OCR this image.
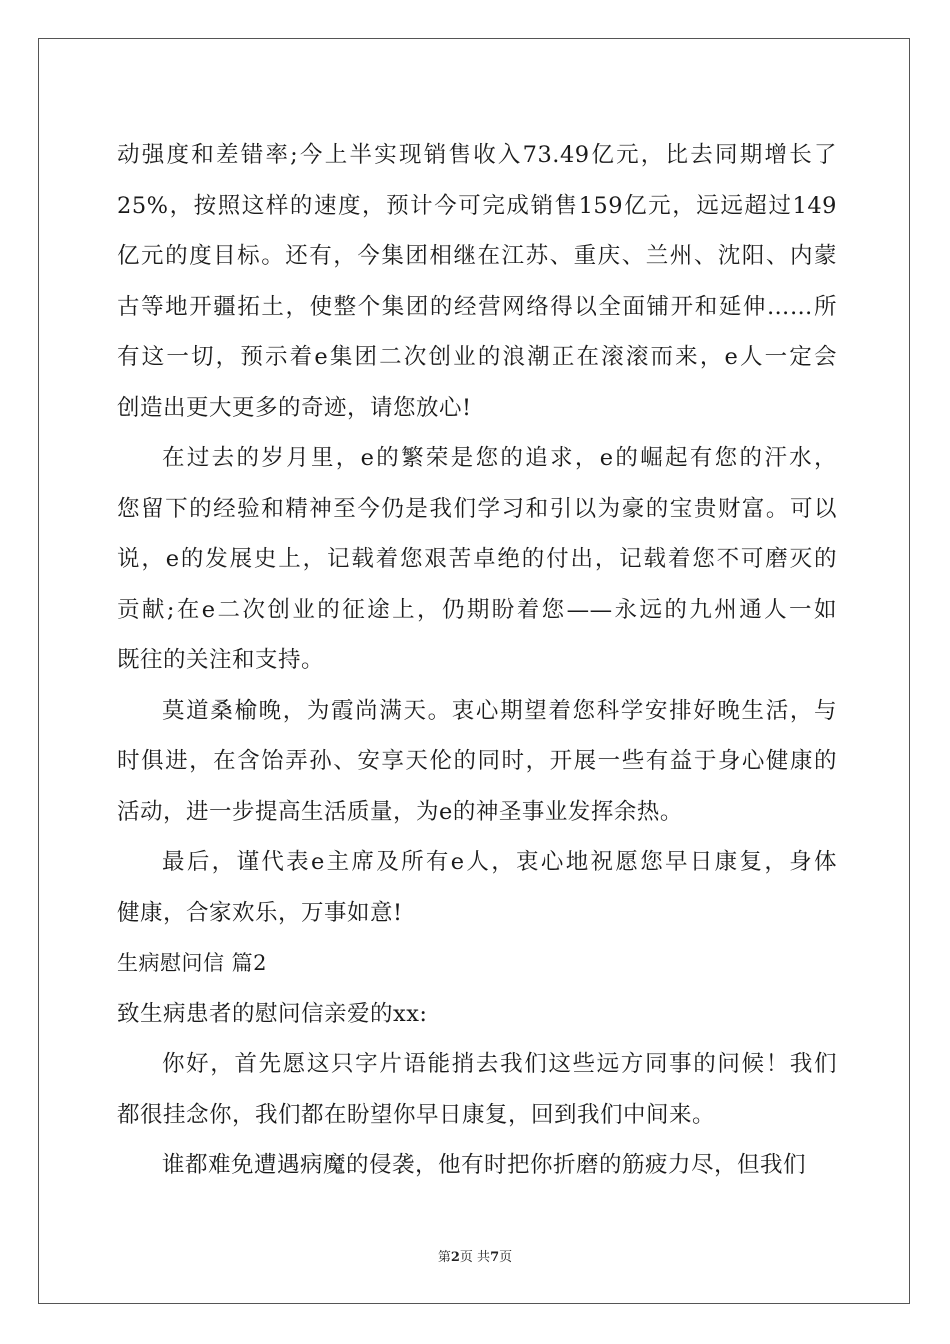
动强度和差错率;今上半实现销售收入73.49亿元，比去同期增长了
25%，按照这样的速度，预计今可完成销售159亿元，远远超过149
亿元的度目标。还有，今集团相继在江苏、重庆、兰州、沈阳、内蒙
古等地开疆拓土，使整个集团的经营网络得以全面铺开和延伸……所
有这一切，预示着e集团二次创业的浪潮正在滚滚而来，e人一定会
创造出更大更多的奇迹，请您放心!
在过去的岁月里，e的繁荣是您的追求，e的崛起有您的汗水，
您留下的经验和精神至今仍是我们学习和引以为豪的宝贵财富。可以
说，e的发展史上，记载着您艰苦卓绝的付出，记载着您不可磨灭的
贡献;在e二次创业的征途上，仍期盼着您——永远的九州通人一如
既往的关注和支持。
莫道桑榆晚，为霞尚满天。衷心期望着您科学安排好晚生活，与
时俱进，在含饴弄孙、安享天伦的同时，开展一些有益于身心健康的
活动，进一步提高生活质量，为e的神圣事业发挥余热。
最后，谨代表e主席及所有e人，衷心地祝愿您早日康复，身体
健康，合家欢乐，万事如意!
生病慰问信 篇2
致生病患者的慰问信亲爱的xx:
你好，首先愿这只字片语能捎去我们这些远方同事的问候！我们
都很挂念你，我们都在盼望你早日康复，回到我们中间来。
谁都难免遭遇病魔的侵袭，他有时把你折磨的筋疲力尽，但我们
第2页 共7页
